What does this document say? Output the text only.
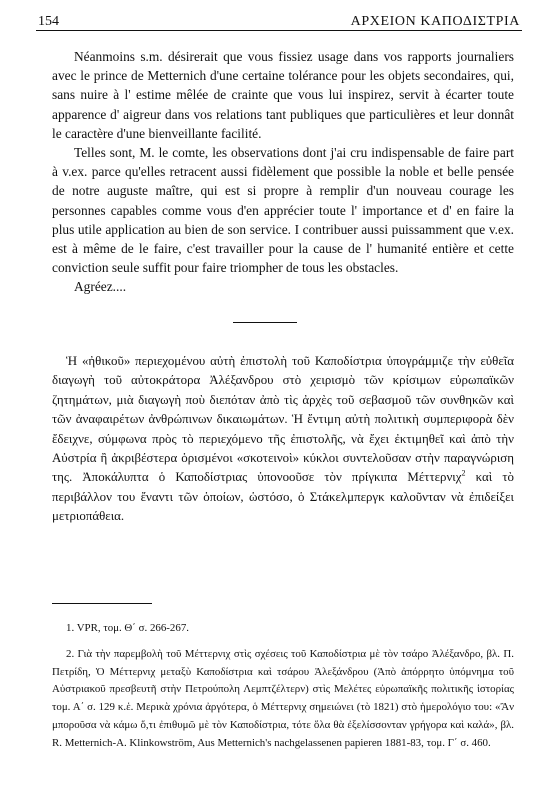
154	ΑΡΧΕΙΟΝ ΚΑΠΟΔΙΣΤΡΙΑ

Néanmoins s.m. désirerait que vous fissiez usage dans vos rapports journaliers avec le prince de Metternich d'une certaine tolérance pour les objets secondaires, qui, sans nuire à l' estime mêlée de crainte que vous lui inspirez, servit à écarter toute apparence d' aigreur dans vos relations tant publiques que particulières et leur donnât le caractère d'une bienveillante facilité.

Telles sont, M. le comte, les observations dont j'ai cru indispensable de faire part à v.ex. parce qu'elles retracent aussi fidèlement que possible la noble et belle pensée de notre auguste maître, qui est si propre à remplir d'un nouveau courage les personnes capables comme vous d'en apprécier toute l' importance et d' en faire la plus utile application au bien de son service. I contribuer aussi puissamment que v.ex. est à même de le faire, c'est travailler pour la cause de l' humanité entière et cette conviction seule suffit pour faire triompher de tous les obstacles.

Agréez....

Ἡ «ἠθικοῦ» περιεχομένου αὐτὴ ἐπιστολὴ τοῦ Καποδίστρια ὑπογράμμιζε τὴν εὐθεῖα διαγωγὴ τοῦ αὐτοκράτορα Ἀλέξανδρου στὸ χειρισμὸ τῶν κρίσιμων εὐρωπαϊκῶν ζητημάτων, μιὰ διαγωγὴ ποὺ διεπόταν ἀπὸ τὶς ἀρχὲς τοῦ σεβασμοῦ τῶν συνθηκῶν καὶ τῶν ἀναφαιρέτων ἀνθρώπινων δικαιωμάτων. Ἡ ἔντιμη αὐτὴ πολιτικὴ συμπεριφορὰ δὲν ἔδειχνε, σύμφωνα πρὸς τὸ περιεχόμενο τῆς ἐπιστολῆς, νὰ ἔχει ἐκτιμηθεῖ καὶ ἀπὸ τὴν Αὐστρία ἢ ἀκριβέστερα ὁρισμένοι «σκοτεινοὶ» κύκλοι συντελοῦσαν στὴν παραγνώριση της. Ἀποκάλυπτα ὁ Καποδίστριας ὑπονοοῦσε τὸν πρίγκιπα Μέττερνιχ$^2$ καὶ τὸ περιβάλλον του ἔναντι τῶν ὁποίων, ὡστόσο, ὁ Στάκελμπεργκ καλοῦνταν νὰ ἐπιδείξει μετριοπάθεια.

1. VPR, τομ. Θ΄ σ. 266-267.

2. Γιὰ τὴν παρεμβολὴ τοῦ Μέττερνιχ στὶς σχέσεις τοῦ Καποδίστρια μὲ τὸν τσάρο Ἀλέξανδρο, βλ. Π. Πετρίδη, Ὁ Μέττερνιχ μεταξὺ Καποδίστρια καὶ τσάρου Ἀλεξάνδρου (Ἀπὸ ἀπόρρητο ὑπόμνημα τοῦ Αὐστριακοῦ πρεσβευτῆ στὴν Πετρούπολη Λεμπτζέλτερν) στὶς Μελέτες εὐρωπαϊκῆς πολιτικῆς ἱστορίας τομ. Α΄ σ. 129 κ.ἑ. Μερικὰ χρόνια ἀργότερα, ὁ Μέττερνιχ σημειώνει (τὸ 1821) στὸ ἡμερολόγιο του: «Ἂν μποροῦσα νὰ κάμω ὅ,τι ἐπιθυμῶ μὲ τὸν Καποδίστρια, τότε ὅλα θὰ ἐξελίσσονταν γρήγορα καὶ καλά», βλ. R. Metternich-A. Klinkowström, Aus Metternich's nachgelassenen papieren 1881-83, τομ. Γ΄ σ. 460.
